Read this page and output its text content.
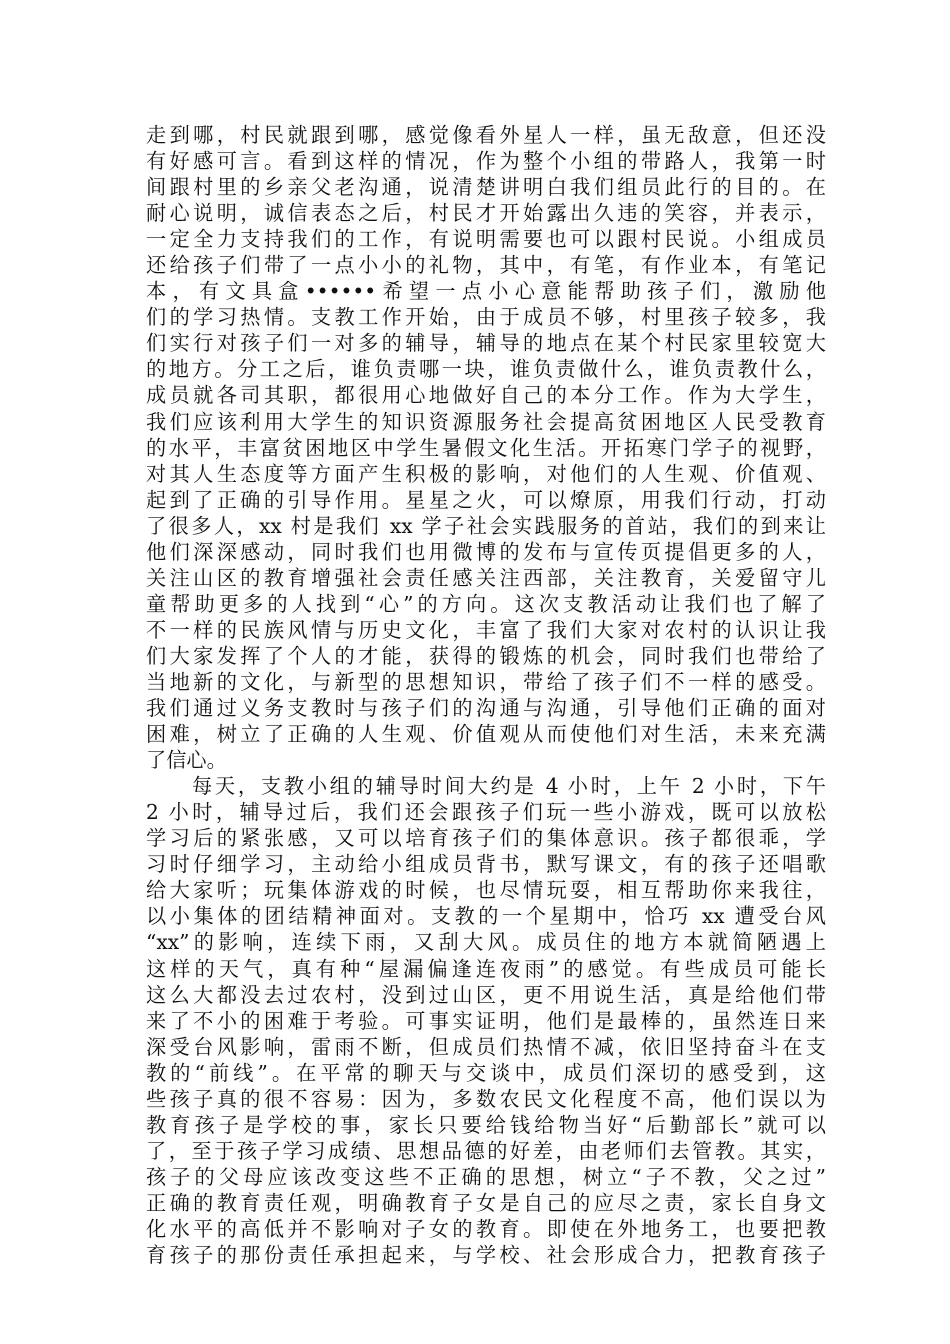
走到哪，村民就跟到哪，感觉像看外星人一样，虽无敌意，但还没
有好感可言。看到这样的情况，作为整个小组的带路人，我第一时
间跟村里的乡亲父老沟通，说清楚讲明白我们组员此行的目的。在
耐心说明，诚信表态之后，村民才开始露出久违的笑容，并表示，
一定全力支持我们的工作，有说明需要也可以跟村民说。小组成员
还给孩子们带了一点小小的礼物，其中，有笔，有作业本，有笔记
本，有文具盒••••••希望一点小心意能帮助孩子们，激励他
们的学习热情。支教工作开始，由于成员不够，村里孩子较多，我
们实行对孩子们一对多的辅导，辅导的地点在某个村民家里较宽大
的地方。分工之后，谁负责哪一块，谁负责做什么，谁负责教什么，
成员就各司其职，都很用心地做好自己的本分工作。作为大学生，
我们应该利用大学生的知识资源服务社会提高贫困地区人民受教育
的水平，丰富贫困地区中学生暑假文化生活。开拓寒门学子的视野，
对其人生态度等方面产生积极的影响，对他们的人生观、价值观、
起到了正确的引导作用。星星之火，可以燎原，用我们行动，打动
了很多人，xx 村是我们 xx 学子社会实践服务的首站，我们的到来让
他们深深感动，同时我们也用微博的发布与宣传页提倡更多的人，
关注山区的教育增强社会责任感关注西部，关注教育，关爱留守儿
童帮助更多的人找到“心”的方向。这次支教活动让我们也了解了
不一样的民族风情与历史文化，丰富了我们大家对农村的认识让我
们大家发挥了个人的才能，获得的锻炼的机会，同时我们也带给了
当地新的文化，与新型的思想知识，带给了孩子们不一样的感受。
我们通过义务支教时与孩子们的沟通与沟通，引导他们正确的面对
困难，树立了正确的人生观、价值观从而使他们对生活，未来充满
了信心。
　　每天，支教小组的辅导时间大约是 4 小时，上午 2 小时，下午
2 小时，辅导过后，我们还会跟孩子们玩一些小游戏，既可以放松
学习后的紧张感，又可以培育孩子们的集体意识。孩子都很乖，学
习时仔细学习，主动给小组成员背书，默写课文，有的孩子还唱歌
给大家听；玩集体游戏的时候，也尽情玩耍，相互帮助你来我往，
以小集体的团结精神面对。支教的一个星期中，恰巧 xx 遭受台风
“xx”的影响，连续下雨，又刮大风。成员住的地方本就简陋遇上
这样的天气，真有种“屋漏偏逢连夜雨”的感觉。有些成员可能长
这么大都没去过农村，没到过山区，更不用说生活，真是给他们带
来了不小的困难于考验。可事实证明，他们是最棒的，虽然连日来
深受台风影响，雷雨不断，但成员们热情不减，依旧坚持奋斗在支
教的“前线”。在平常的聊天与交谈中，成员们深切的感受到，这
些孩子真的很不容易：因为，多数农民文化程度不高，他们误以为
教育孩子是学校的事，家长只要给钱给物当好“后勤部长”就可以
了，至于孩子学习成绩、思想品德的好差，由老师们去管教。其实，
孩子的父母应该改变这些不正确的思想，树立“子不教，父之过”
正确的教育责任观，明确教育子女是自己的应尽之责，家长自身文
化水平的高低并不影响对子女的教育。即使在外地务工，也要把教
育孩子的那份责任承担起来，与学校、社会形成合力，把教育孩子
